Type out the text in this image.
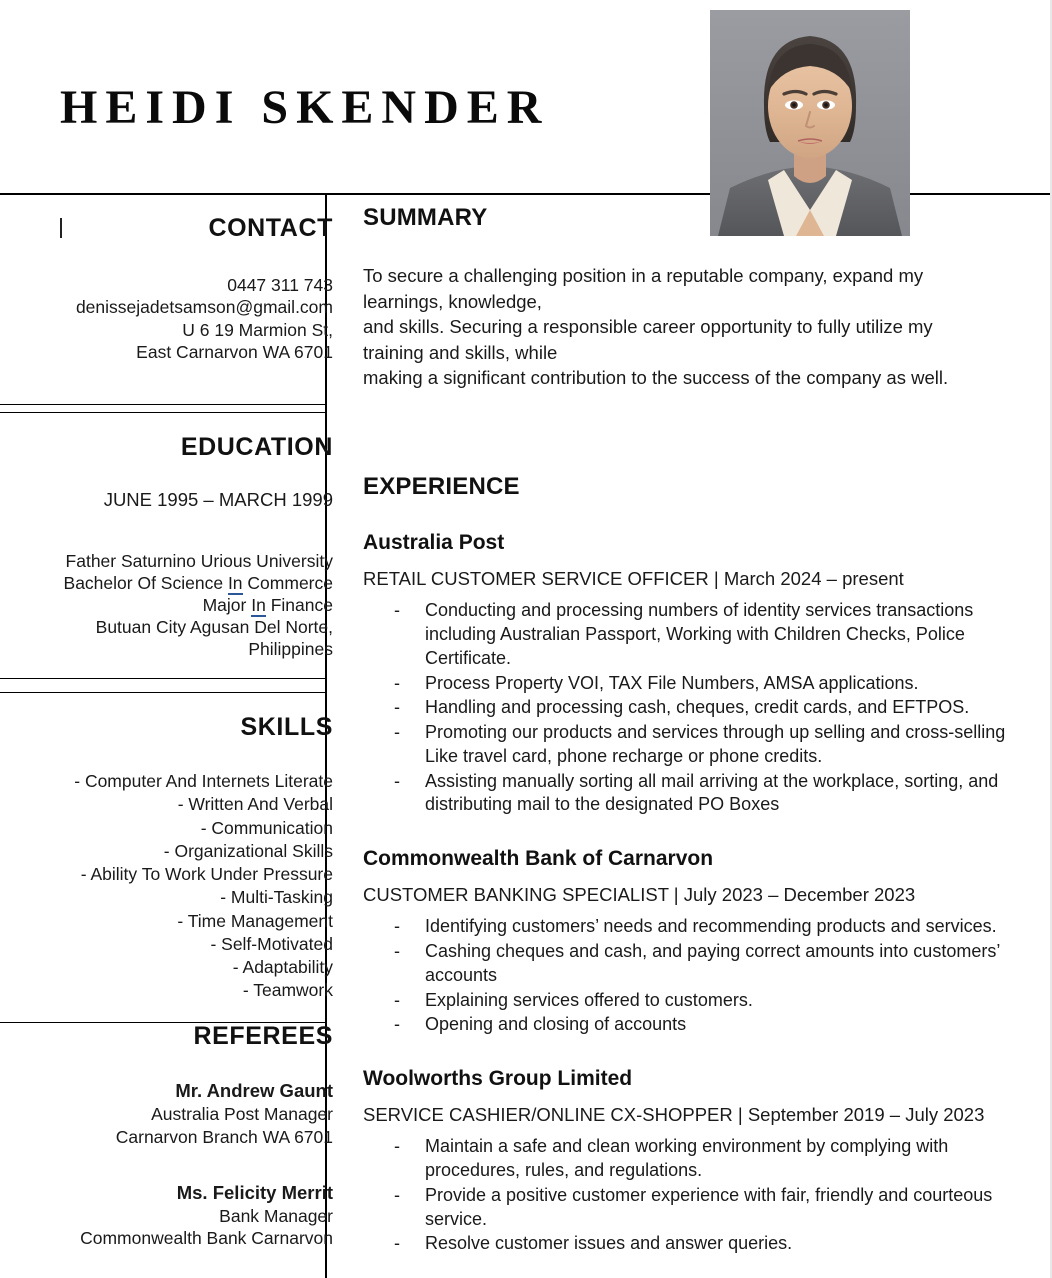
HEIDI SKENDER
CONTACT
0447 311 743
denissejadetsamson@gmail.com
U 6 19 Marmion St,
East Carnarvon WA 6701
EDUCATION
JUNE 1995 – MARCH 1999
Father Saturnino Urious University
Bachelor Of Science In Commerce
Major In Finance
Butuan City Agusan Del Norte,
Philippines
SKILLS
- Computer And Internets Literate
- Written And Verbal
- Communication
- Organizational Skills
- Ability To Work Under Pressure
- Multi-Tasking
- Time Management
- Self-Motivated
- Adaptability
- Teamwork
REFEREES
Mr. Andrew Gaunt
Australia Post Manager
Carnarvon Branch WA 6701
Ms. Felicity Merrit
Bank Manager
Commonwealth Bank Carnarvon
SUMMARY
To secure a challenging position in a reputable company, expand my learnings, knowledge,
and skills. Securing a responsible career opportunity to fully utilize my training and skills, while
making a significant contribution to the success of the company as well.
EXPERIENCE
Australia Post
RETAIL CUSTOMER SERVICE OFFICER | March 2024 – present
- Conducting and processing numbers of identity services transactions including Australian Passport, Working with Children Checks, Police Certificate.
- Process Property VOI, TAX File Numbers, AMSA applications.
- Handling and processing cash, cheques, credit cards, and EFTPOS.
- Promoting our products and services through up selling and cross-selling Like travel card, phone recharge or phone credits.
- Assisting manually sorting all mail arriving at the workplace, sorting, and distributing mail to the designated PO Boxes
Commonwealth Bank of Carnarvon
CUSTOMER BANKING SPECIALIST | July 2023 – December 2023
- Identifying customers’ needs and recommending products and services.
- Cashing cheques and cash, and paying correct amounts into customers’ accounts
- Explaining services offered to customers.
- Opening and closing of accounts
Woolworths Group Limited
SERVICE CASHIER/ONLINE CX-SHOPPER | September 2019 – July 2023
- Maintain a safe and clean working environment by complying with procedures, rules, and regulations.
- Provide a positive customer experience with fair, friendly and courteous service.
- Resolve customer issues and answer queries.
